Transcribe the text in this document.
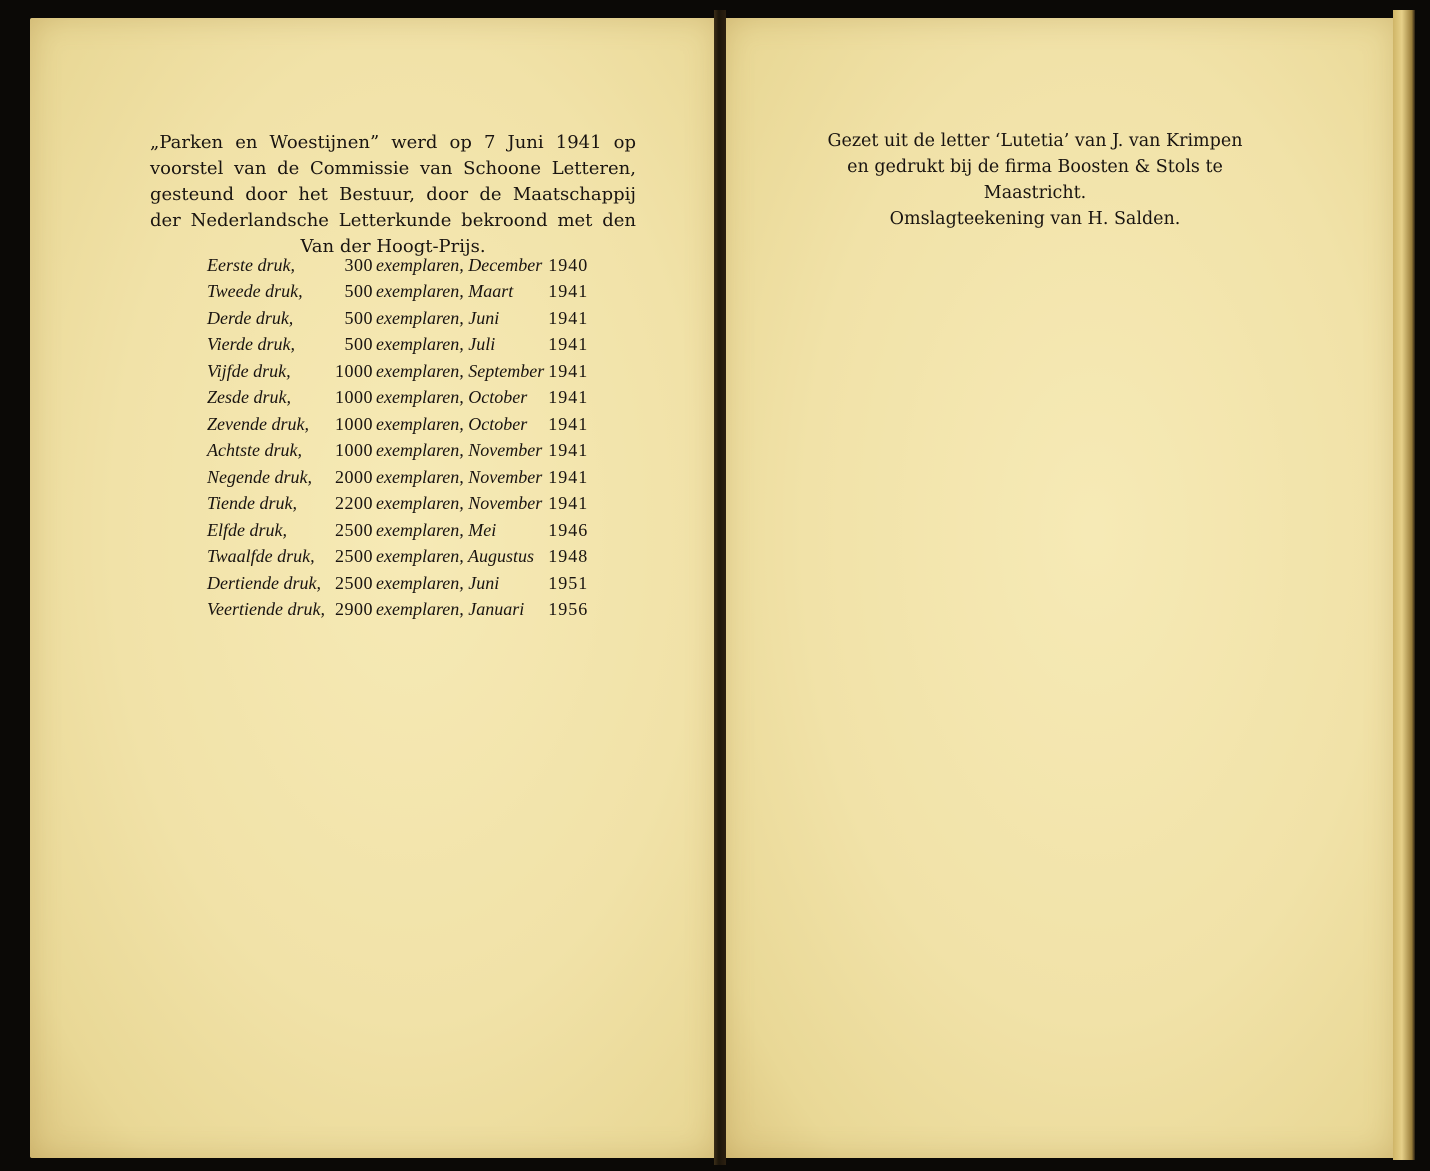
„Parken en Woestijnen” werd op 7 Juni 1941 op voorstel van de Commissie van Schoone Letteren, gesteund door het Bestuur, door de Maatschappij der Nederlandsche Letterkunde bekroond met den Van der Hoogt-Prijs.

Eerste druk,	300	exemplaren, December	1940
Tweede druk,	500	exemplaren, Maart	1941
Derde druk,	500	exemplaren, Juni	1941
Vierde druk,	500	exemplaren, Juli	1941
Vijfde druk,	1000	exemplaren, September	1941
Zesde druk,	1000	exemplaren, October	1941
Zevende druk,	1000	exemplaren, October	1941
Achtste druk,	1000	exemplaren, November	1941
Negende druk,	2000	exemplaren, November	1941
Tiende druk,	2200	exemplaren, November	1941
Elfde druk,	2500	exemplaren, Mei	1946
Twaalfde druk,	2500	exemplaren, Augustus	1948
Dertiende druk,	2500	exemplaren, Juni	1951
Veertiende druk,	2900	exemplaren, Januari	1956
Gezet uit de letter ‘Lutetia’ van J. van Krimpen
en gedrukt bij de firma Boosten & Stols te Maastricht.
Omslagteekening van H. Salden.
